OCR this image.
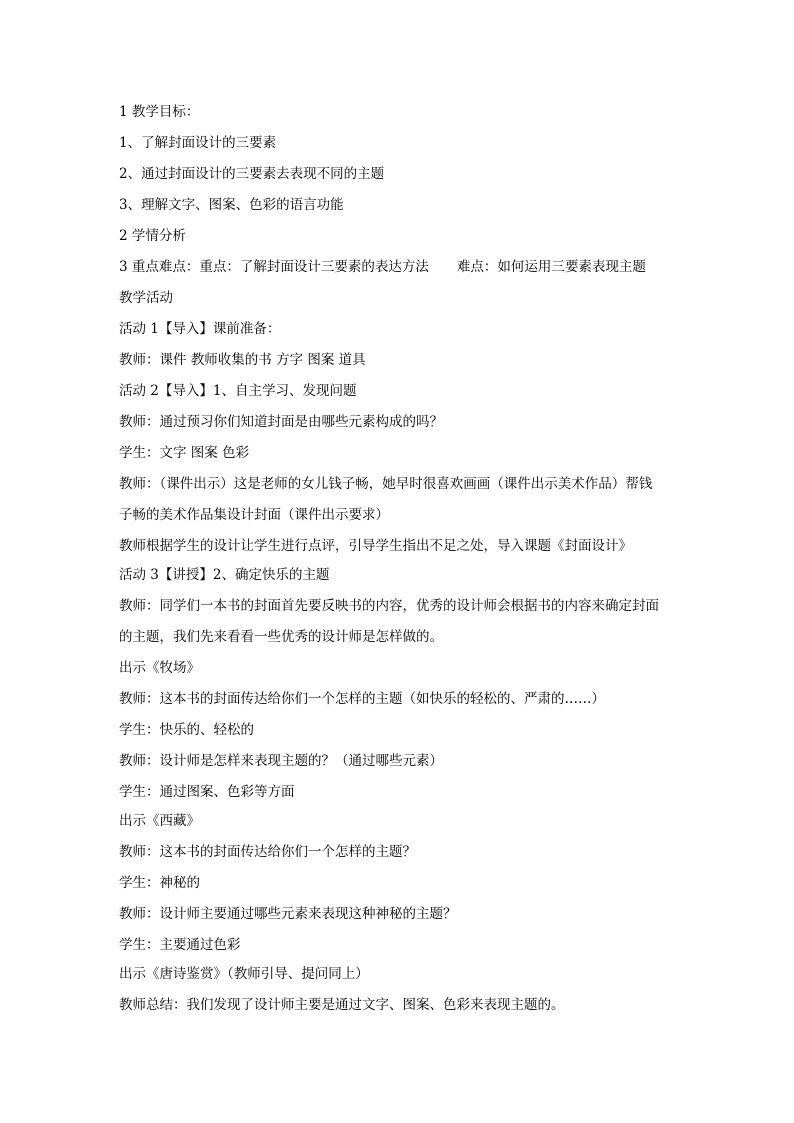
1 教学目标：
1、了解封面设计的三要素
2、通过封面设计的三要素去表现不同的主题
3、理解文字、图案、色彩的语言功能
2 学情分析
3 重点难点：重点：了解封面设计三要素的表达方法 难点：如何运用三要素表现主题
教学活动
活动 1【导入】课前准备：
教师：课件 教师收集的书 方字 图案 道具
活动 2【导入】1、自主学习、发现问题
教师：通过预习你们知道封面是由哪些元素构成的吗？
学生：文字 图案 色彩
教师：（课件出示）这是老师的女儿钱子畅，她早时很喜欢画画（课件出示美术作品）帮钱
子畅的美术作品集设计封面（课件出示要求）
教师根据学生的设计让学生进行点评，引导学生指出不足之处，导入课题《封面设计》
活动 3【讲授】2、确定快乐的主题
教师：同学们一本书的封面首先要反映书的内容，优秀的设计师会根据书的内容来确定封面
的主题，我们先来看看一些优秀的设计师是怎样做的。
出示《牧场》
教师：这本书的封面传达给你们一个怎样的主题（如快乐的轻松的、严肃的……）
学生：快乐的、轻松的
教师：设计师是怎样来表现主题的？（通过哪些元素）
学生：通过图案、色彩等方面
出示《西藏》
教师：这本书的封面传达给你们一个怎样的主题？
学生：神秘的
教师：设计师主要通过哪些元素来表现这种神秘的主题？
学生：主要通过色彩
出示《唐诗鉴赏》（教师引导、提问同上）
教师总结：我们发现了设计师主要是通过文字、图案、色彩来表现主题的。
